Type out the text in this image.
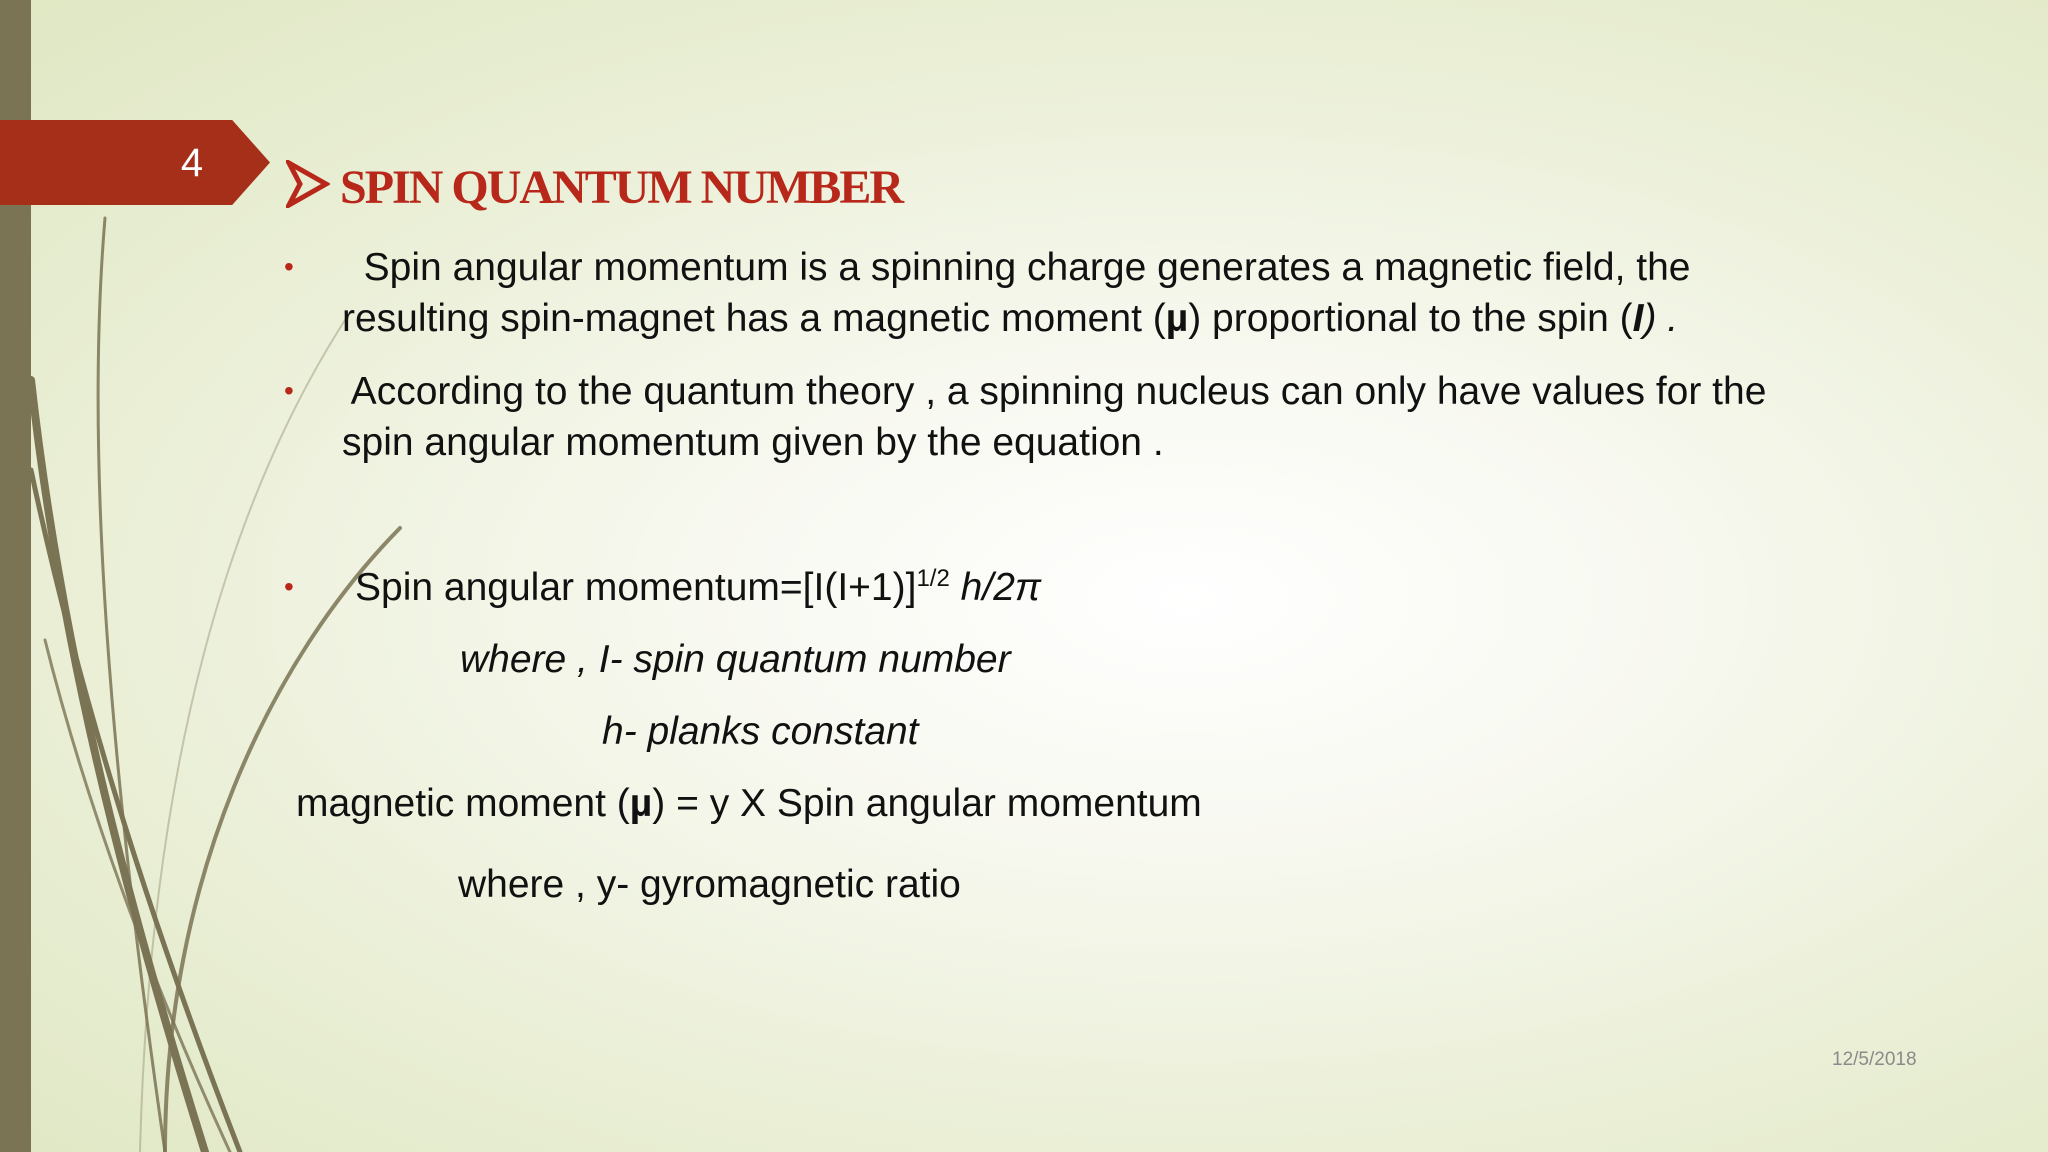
4	SPIN QUANTUM NUMBER
• Spin angular momentum is a spinning charge generates a magnetic field, the
resulting spin-magnet has a magnetic moment (µ) proportional to the spin (I) .
• According to the quantum theory , a spinning nucleus can only have values for the
spin angular momentum given by the equation .
• Spin angular $momentum=[I(I+1)]^{1/2}$ h/2π
where , I- spin quantum number
h- planks constant
magnetic moment (µ) = y X Spin angular momentum
where , y- gyromagnetic ratio
12/5/2018
